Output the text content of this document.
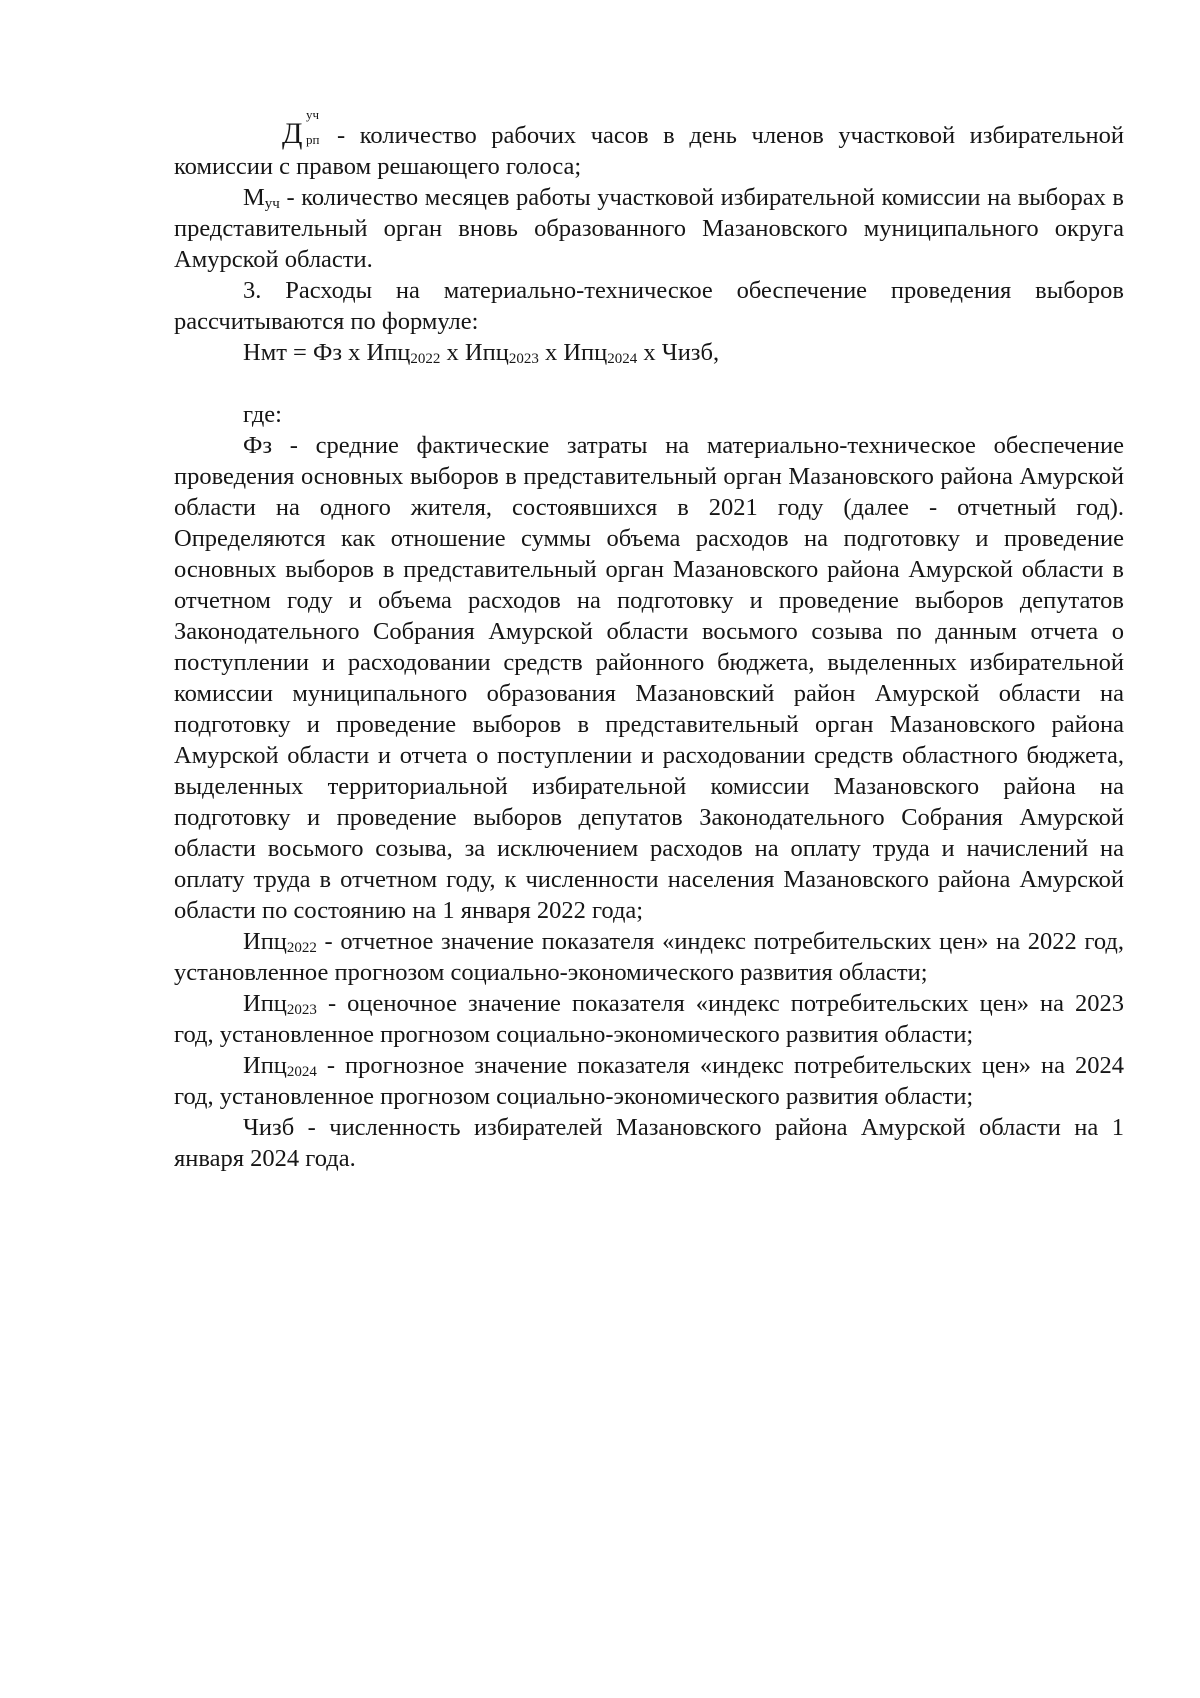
Д
уч
рп - количество рабочих часов в день членов участковой избирательной комиссии с правом решающего голоса;

$М_{уч}$ - количество месяцев работы участковой избирательной комиссии на выборах в представительный орган вновь образованного Мазановского муниципального округа Амурской области.

3. Расходы на материально-техническое обеспечение проведения выборов рассчитываются по формуле:

Нмт = Фз х Ипц$_{2022}$ х Ипц$_{2023}$ х Ипц$_{2024}$ х Чизб,

где:

Фз - средние фактические затраты на материально-техническое обеспечение проведения основных выборов в представительный орган Мазановского района Амурской области на одного жителя, состоявшихся в 2021 году (далее - отчетный год). Определяются как отношение суммы объема расходов на подготовку и проведение основных выборов в представительный орган Мазановского района Амурской области в отчетном году и объема расходов на подготовку и проведение выборов депутатов Законодательного Собрания Амурской области восьмого созыва по данным отчета о поступлении и расходовании средств районного бюджета, выделенных избирательной комиссии муниципального образования Мазановский район Амурской области на подготовку и проведение выборов в представительный орган Мазановского района Амурской области и отчета о поступлении и расходовании средств областного бюджета, выделенных территориальной избирательной комиссии Мазановского района на подготовку и проведение выборов депутатов Законодательного Собрания Амурской области восьмого созыва, за исключением расходов на оплату труда и начислений на оплату труда в отчетном году, к численности населения Мазановского района Амурской области по состоянию на 1 января 2022 года;

Ипц$_{2022}$ - отчетное значение показателя «индекс потребительских цен» на 2022 год, установленное прогнозом социально-экономического развития области;

Ипц$_{2023}$ - оценочное значение показателя «индекс потребительских цен» на 2023 год, установленное прогнозом социально-экономического развития области;

Ипц$_{2024}$ - прогнозное значение показателя «индекс потребительских цен» на 2024 год, установленное прогнозом социально-экономического развития области;

Чизб - численность избирателей Мазановского района Амурской области на 1 января 2024 года.
